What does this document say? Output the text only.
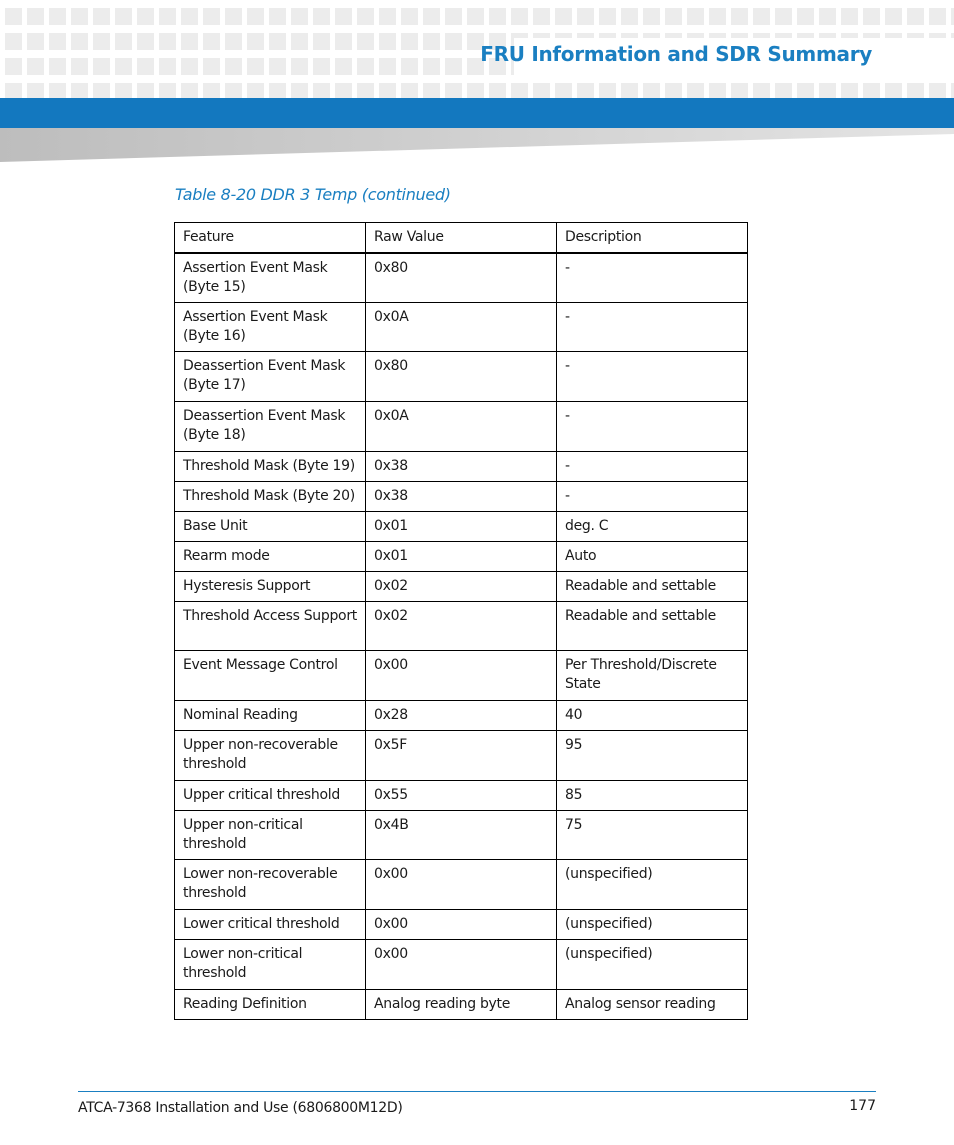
FRU Information and SDR Summary
Table 8-20 DDR 3 Temp (continued)
Feature	Raw Value	Description
Assertion Event Mask (Byte 15)	0x80	-
Assertion Event Mask (Byte 16)	0x0A	-
Deassertion Event Mask (Byte 17)	0x80	-
Deassertion Event Mask (Byte 18)	0x0A	-
Threshold Mask (Byte 19)	0x38	-
Threshold Mask (Byte 20)	0x38	-
Base Unit	0x01	deg. C
Rearm mode	0x01	Auto
Hysteresis Support	0x02	Readable and settable
Threshold Access Support	0x02	Readable and settable
Event Message Control	0x00	Per Threshold/Discrete State
Nominal Reading	0x28	40
Upper non-recoverable threshold	0x5F	95
Upper critical threshold	0x55	85
Upper non-critical threshold	0x4B	75
Lower non-recoverable threshold	0x00	(unspecified)
Lower critical threshold	0x00	(unspecified)
Lower non-critical threshold	0x00	(unspecified)
Reading Definition	Analog reading byte	Analog sensor reading
ATCA-7368 Installation and Use (6806800M12D)	177
